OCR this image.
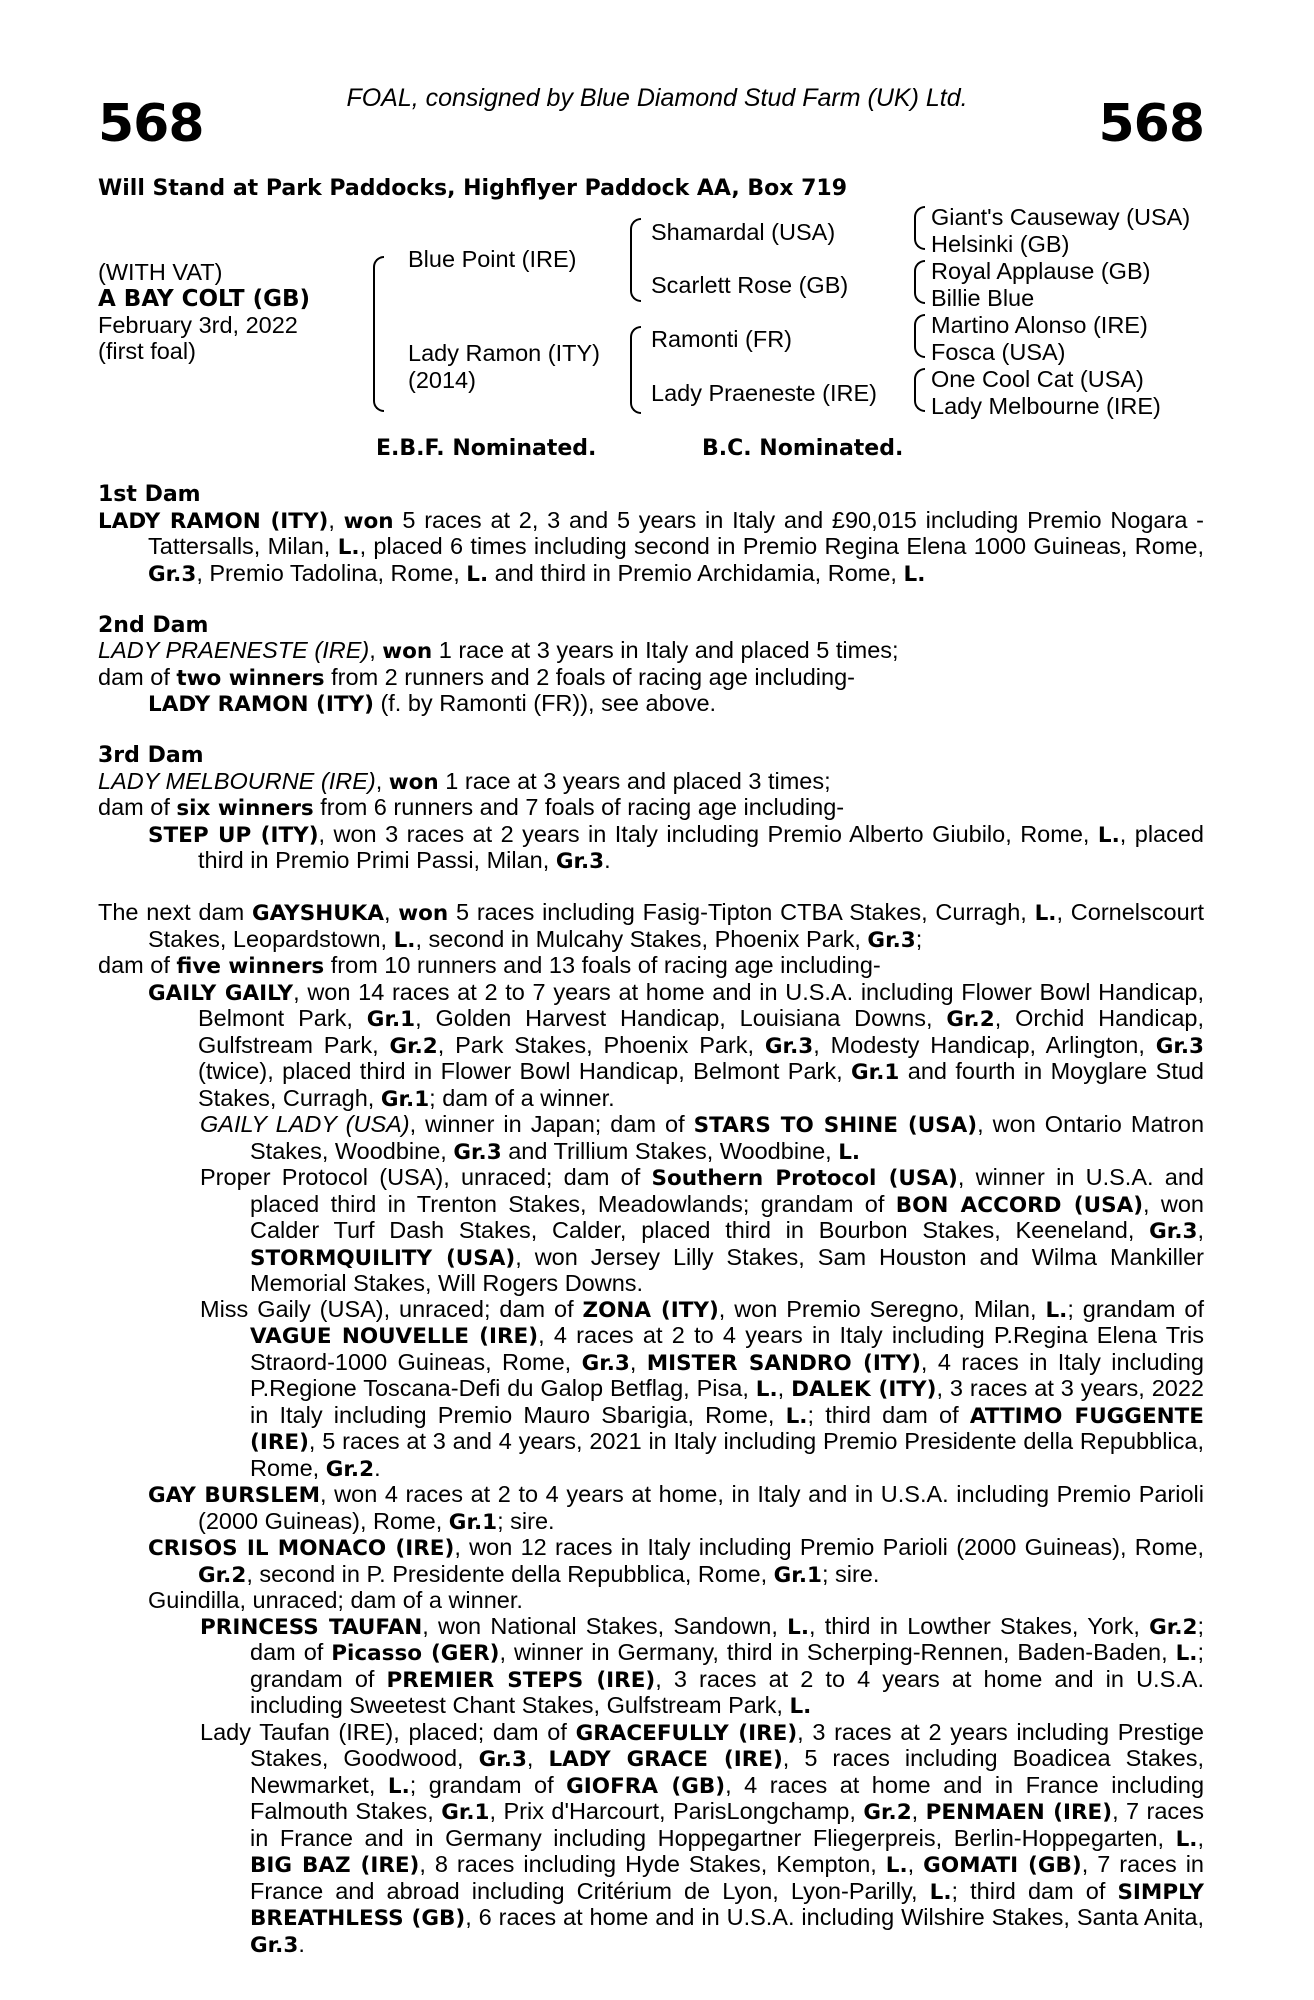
FOAL, consigned by Blue Diamond Stud Farm (UK) Ltd.
568	568
Will Stand at Park Paddocks, Highflyer Paddock AA, Box 719
(WITH VAT)
A BAY COLT (GB)
February 3rd, 2022
(first foal)
Blue Point (IRE)
Lady Ramon (ITY)
(2014)
Shamardal (USA)
Scarlett Rose (GB)
Ramonti (FR)
Lady Praeneste (IRE)
Giant's Causeway (USA)
Helsinki (GB)
Royal Applause (GB)
Billie Blue
Martino Alonso (IRE)
Fosca (USA)
One Cool Cat (USA)
Lady Melbourne (IRE)
E.B.F. Nominated.	B.C. Nominated.
1st Dam
LADY RAMON (ITY), won 5 races at 2, 3 and 5 years in Italy and £90,015 including Premio Nogara - Tattersalls, Milan, L., placed 6 times including second in Premio Regina Elena 1000 Guineas, Rome, Gr.3, Premio Tadolina, Rome, L. and third in Premio Archidamia, Rome, L.
2nd Dam
LADY PRAENESTE (IRE), won 1 race at 3 years in Italy and placed 5 times;
dam of two winners from 2 runners and 2 foals of racing age including-
LADY RAMON (ITY) (f. by Ramonti (FR)), see above.
3rd Dam
LADY MELBOURNE (IRE), won 1 race at 3 years and placed 3 times;
dam of six winners from 6 runners and 7 foals of racing age including-
STEP UP (ITY), won 3 races at 2 years in Italy including Premio Alberto Giubilo, Rome, L., placed third in Premio Primi Passi, Milan, Gr.3.
The next dam GAYSHUKA, won 5 races including Fasig-Tipton CTBA Stakes, Curragh, L., Cornelscourt Stakes, Leopardstown, L., second in Mulcahy Stakes, Phoenix Park, Gr.3;
dam of five winners from 10 runners and 13 foals of racing age including-
GAILY GAILY, won 14 races at 2 to 7 years at home and in U.S.A. including Flower Bowl Handicap, Belmont Park, Gr.1, Golden Harvest Handicap, Louisiana Downs, Gr.2, Orchid Handicap, Gulfstream Park, Gr.2, Park Stakes, Phoenix Park, Gr.3, Modesty Handicap, Arlington, Gr.3 (twice), placed third in Flower Bowl Handicap, Belmont Park, Gr.1 and fourth in Moyglare Stud Stakes, Curragh, Gr.1; dam of a winner.
GAILY LADY (USA), winner in Japan; dam of STARS TO SHINE (USA), won Ontario Matron Stakes, Woodbine, Gr.3 and Trillium Stakes, Woodbine, L.
Proper Protocol (USA), unraced; dam of Southern Protocol (USA), winner in U.S.A. and placed third in Trenton Stakes, Meadowlands; grandam of BON ACCORD (USA), won Calder Turf Dash Stakes, Calder, placed third in Bourbon Stakes, Keeneland, Gr.3, STORMQUILITY (USA), won Jersey Lilly Stakes, Sam Houston and Wilma Mankiller Memorial Stakes, Will Rogers Downs.
Miss Gaily (USA), unraced; dam of ZONA (ITY), won Premio Seregno, Milan, L.; grandam of VAGUE NOUVELLE (IRE), 4 races at 2 to 4 years in Italy including P.Regina Elena Tris Straord-1000 Guineas, Rome, Gr.3, MISTER SANDRO (ITY), 4 races in Italy including P.Regione Toscana-Defi du Galop Betflag, Pisa, L., DALEK (ITY), 3 races at 3 years, 2022 in Italy including Premio Mauro Sbarigia, Rome, L.; third dam of ATTIMO FUGGENTE (IRE), 5 races at 3 and 4 years, 2021 in Italy including Premio Presidente della Repubblica, Rome, Gr.2.
GAY BURSLEM, won 4 races at 2 to 4 years at home, in Italy and in U.S.A. including Premio Parioli (2000 Guineas), Rome, Gr.1; sire.
CRISOS IL MONACO (IRE), won 12 races in Italy including Premio Parioli (2000 Guineas), Rome, Gr.2, second in P. Presidente della Repubblica, Rome, Gr.1; sire.
Guindilla, unraced; dam of a winner.
PRINCESS TAUFAN, won National Stakes, Sandown, L., third in Lowther Stakes, York, Gr.2; dam of Picasso (GER), winner in Germany, third in Scherping-Rennen, Baden-Baden, L.; grandam of PREMIER STEPS (IRE), 3 races at 2 to 4 years at home and in U.S.A. including Sweetest Chant Stakes, Gulfstream Park, L.
Lady Taufan (IRE), placed; dam of GRACEFULLY (IRE), 3 races at 2 years including Prestige Stakes, Goodwood, Gr.3, LADY GRACE (IRE), 5 races including Boadicea Stakes, Newmarket, L.; grandam of GIOFRA (GB), 4 races at home and in France including Falmouth Stakes, Gr.1, Prix d'Harcourt, ParisLongchamp, Gr.2, PENMAEN (IRE), 7 races in France and in Germany including Hoppegartner Fliegerpreis, Berlin-Hoppegarten, L., BIG BAZ (IRE), 8 races including Hyde Stakes, Kempton, L., GOMATI (GB), 7 races in France and abroad including Critérium de Lyon, Lyon-Parilly, L.; third dam of SIMPLY BREATHLESS (GB), 6 races at home and in U.S.A. including Wilshire Stakes, Santa Anita, Gr.3.
